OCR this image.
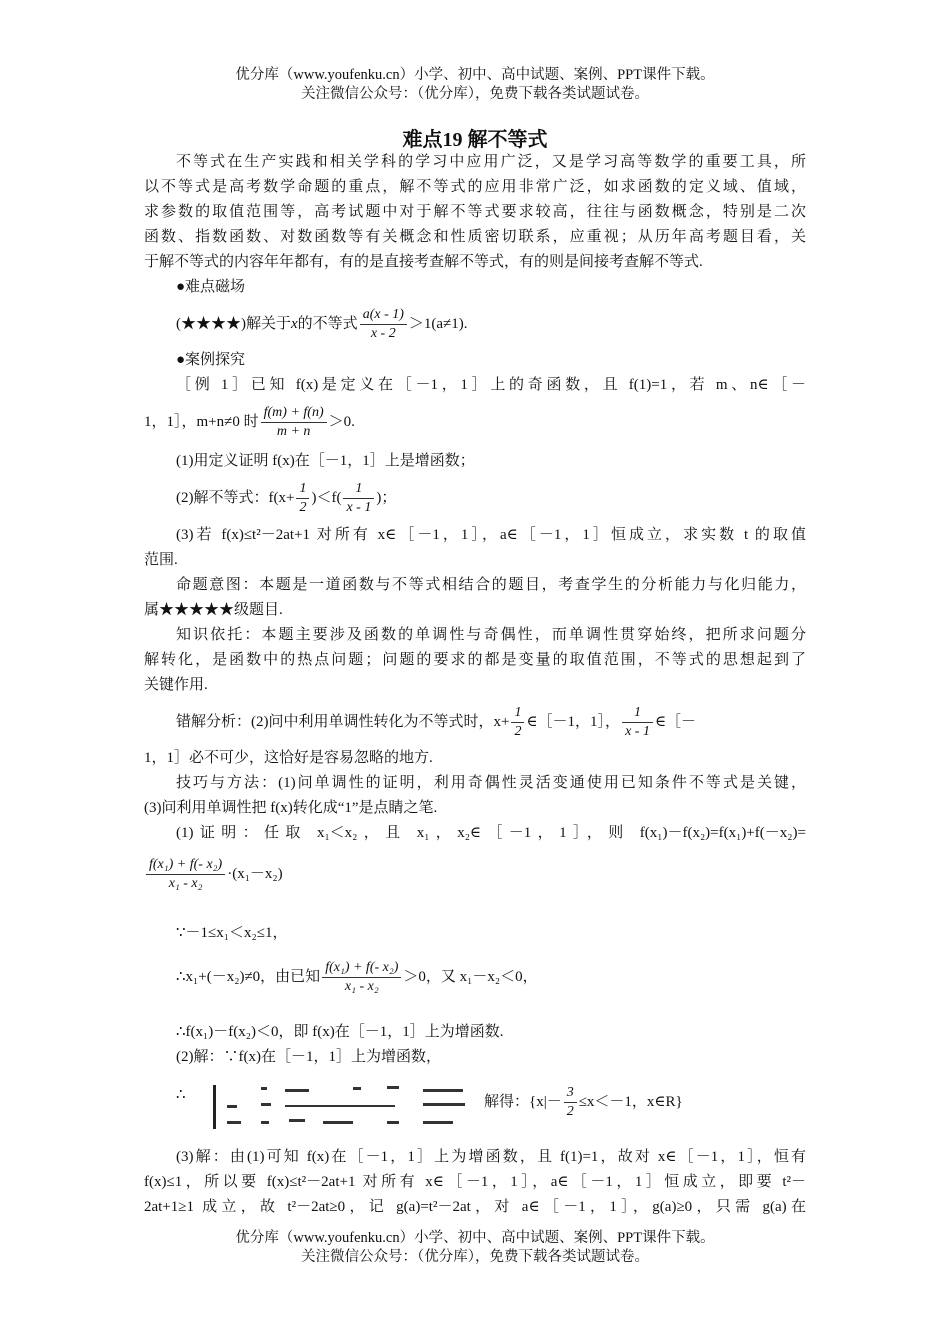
优分库（www.youfenku.cn）小学、初中、高中试题、案例、PPT课件下载。
关注微信公众号：（优分库），免费下载各类试题试卷。
难点19 解不等式
不等式在生产实践和相关学科的学习中应用广泛，又是学习高等数学的重要工具，所
以不等式是高考数学命题的重点，解不等式的应用非常广泛，如求函数的定义域、值域，
求参数的取值范围等，高考试题中对于解不等式要求较高，往往与函数概念，特别是二次
函数、指数函数、对数函数等有关概念和性质密切联系，应重视；从历年高考题目看，关
于解不等式的内容年年都有，有的是直接考查解不等式，有的则是间接考查解不等式.
●难点磁场
(★★★★)解关于x的不等式 $\frac{a(x - 1)}{x - 2} >1(a\ne 1)$.
●案例探究
［例 1］已知 f(x)是定义在［－1，1］上的奇函数，且 f(1)=1，若 m、n∈［－
1，1］，m+n≠0 时 $\frac{f(m) + f(n)}{m + n} >0$.
(1)用定义证明 f(x)在［－1，1］上是增函数；
(2)解不等式：$f(x+ \frac{1}{2} )<f( \frac{1}{x - 1}$ )；
(3)若 f(x)≤t²－2at+1 对所有 x∈［－1，1］，a∈［－1，1］恒成立，求实数 t 的取值
范围.
命题意图：本题是一道函数与不等式相结合的题目，考查学生的分析能力与化归能力，
属★★★★★级题目.
知识依托：本题主要涉及函数的单调性与奇偶性，而单调性贯穿始终，把所求问题分
解转化，是函数中的热点问题；问题的要求的都是变量的取值范围，不等式的思想起到了
关键作用.
错解分析：(2)问中利用单调性转化为不等式时，$x+ \frac{1}{2}$ ∈［－1，1］， $\frac{1}{x - 1}$ ∈［－
1，1］必不可少，这恰好是容易忽略的地方.
技巧与方法：(1)问单调性的证明，利用奇偶性灵活变通使用已知条件不等式是关键，
(3)问利用单调性把 f(x)转化成“1”是点睛之笔.
(1)证明：任取 x₁＜x₂，且 x₁，x₂∈［－1，1］，则 f(x₁)－f(x₂)=f(x₁)+f(－x₂)=
$\frac{\text{f(x₁) + f(- x₂)}}{\text{x₁ - x₂}} \cdot(x_1-x_2)$
∵－1≤x₁＜x₂≤1，
∴x₁+(－x₂)≠0，由已知 $\frac{\text{f(x₁) + f(- x₂)}}{\text{x₁ - x₂}} >0$，又 x₁－x₂＜0，
∴f(x₁)－f(x₂)＜0，即 f(x)在［－1，1］上为增函数.
(2)解：∵f(x)在［－1，1］上为增函数，
∴	解得：{$x|- \frac{3}{2} \le x<-1$，x∈R}
(3)解：由(1)可知 f(x)在［－1，1］上为增函数，且 f(1)=1，故对 x∈［－1，1］，恒有
f(x)≤1，所以要 f(x)≤t²－2at+1 对所有 x∈［－1，1］，a∈［－1，1］恒成立，即要 t²－
2at+1≥1 成立，故 t²－2at≥0，记 g(a)=t²－2at，对 a∈［－1，1］，g(a)≥0，只需 g(a)在
优分库（www.youfenku.cn）小学、初中、高中试题、案例、PPT课件下载。
关注微信公众号：（优分库），免费下载各类试题试卷。
